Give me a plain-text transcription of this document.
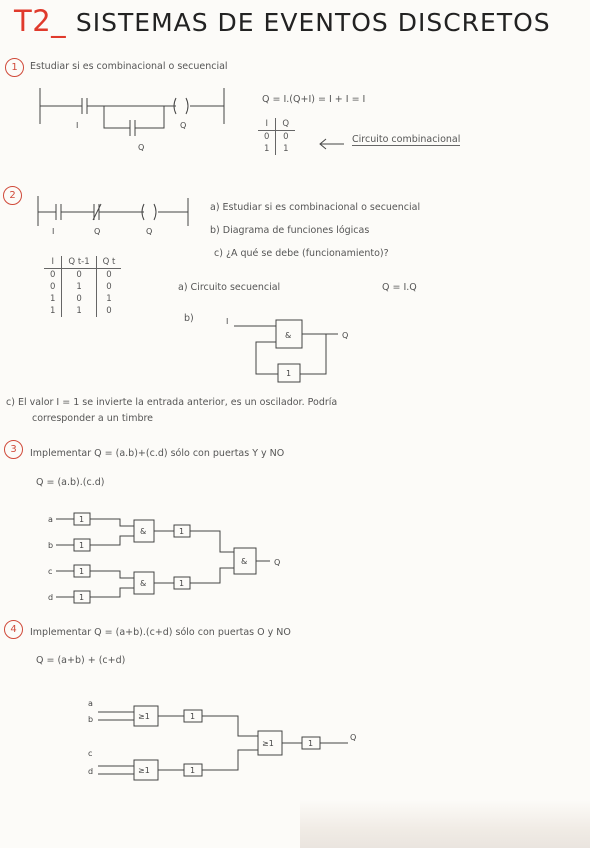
T2_ SISTEMAS DE EVENTOS DISCRETOS
1	Estudiar si es combinacional o secuencial
I
Q
Q
Q = I.(Q+I) = I + I = I
I	Q
0	0
1	1
Circuito combinacional
2
I	Q	Q
a) Estudiar si es combinacional o secuencial
b) Diagrama de funciones lógicas
c) ¿A qué se debe (funcionamiento)?
I	Q t-1	Q t
0	0	0
0	1	0
1	0	1
1	1	0
a) Circuito secuencial	Q = I.Q
b)	I
&	Q
1
c) El valor I = 1 se invierte la entrada anterior, es un oscilador. Podría
corresponder a un timbre
3	Implementar Q = (a.b)+(c.d) sólo con puertas Y y NO
Q = (a.b).(c.d)
a
b
c
d
1
1
&	1
1
1
&	1
&	Q
4	Implementar Q = (a+b).(c+d) sólo con puertas O y NO
Q = (a+b) + (c+d)
a
b
c
d
≥1	1
≥1	1
≥1	1
Q
